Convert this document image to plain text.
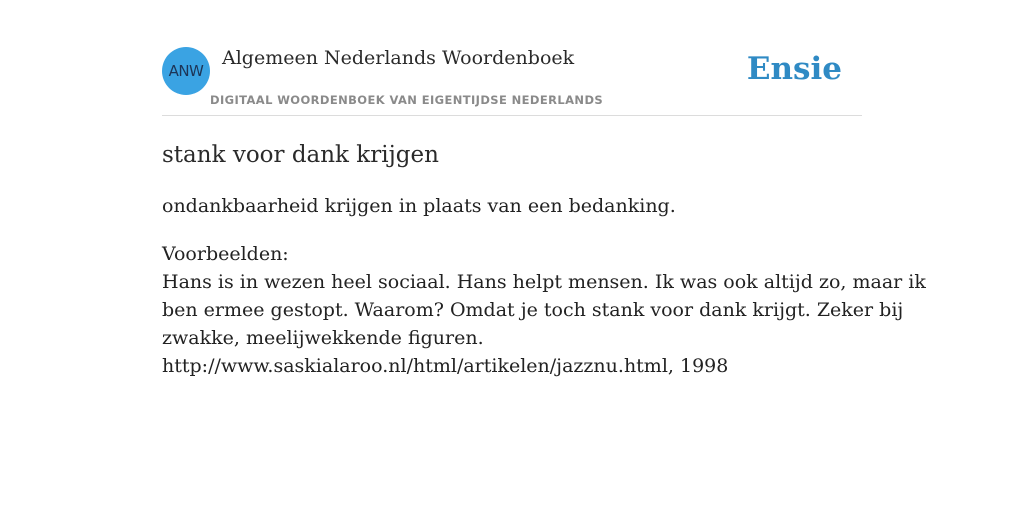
ANW
Algemeen Nederlands Woordenboek
DIGITAAL WOORDENBOEK VAN EIGENTIJDSE NEDERLANDS
Ensie
stank voor dank krijgen

ondankbaarheid krijgen in plaats van een bedanking.

Voorbeelden:
Hans is in wezen heel sociaal. Hans helpt mensen. Ik was ook altijd zo, maar ik
ben ermee gestopt. Waarom? Omdat je toch stank voor dank krijgt. Zeker bij
zwakke, meelijwekkende figuren.
http://www.saskialaroo.nl/html/artikelen/jazznu.html, 1998
